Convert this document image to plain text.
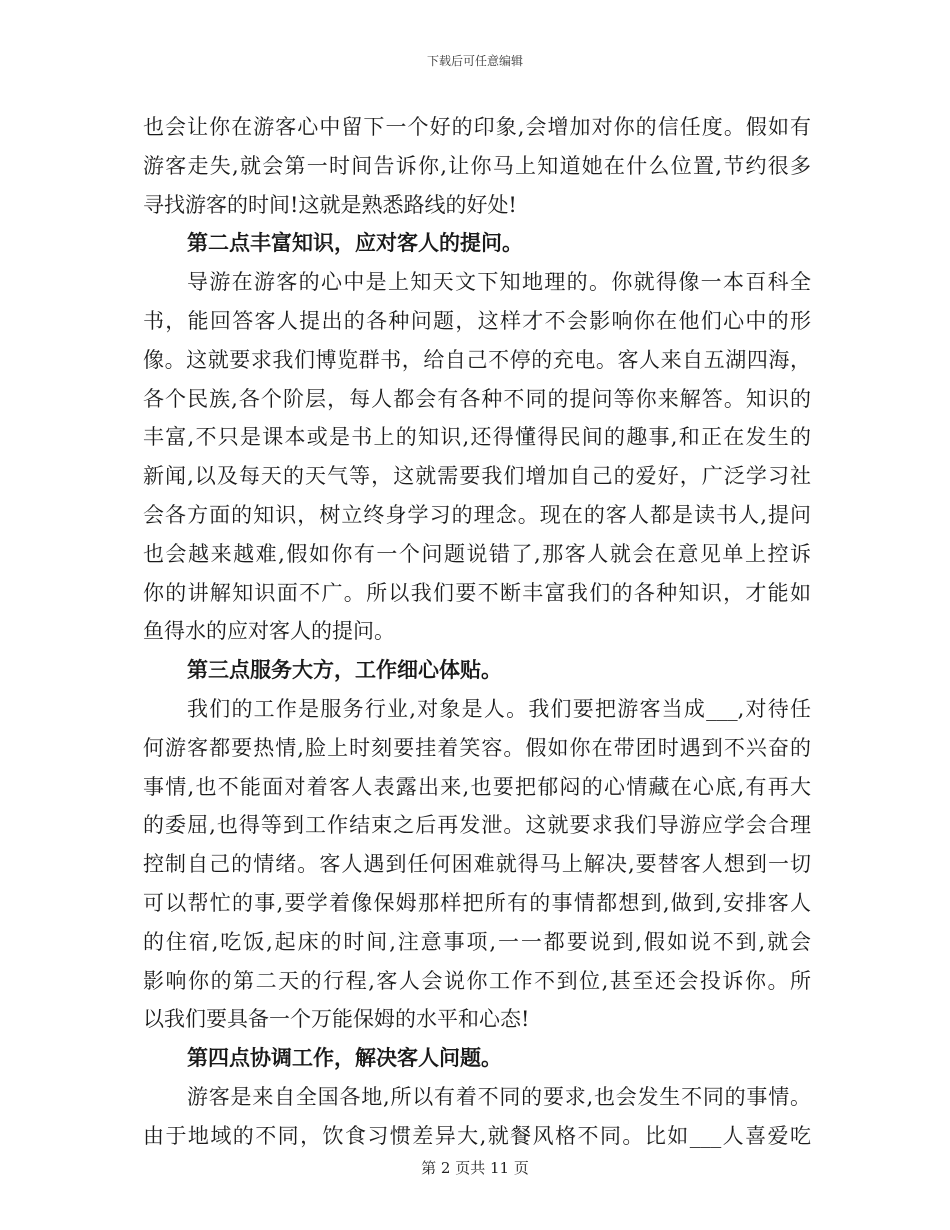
下载后可任意编辑
也会让你在游客心中留下一个好的印象,会增加对你的信任度。假如有
游客走失,就会第一时间告诉你,让你马上知道她在什么位置,节约很多
寻找游客的时间!这就是熟悉路线的好处!
第二点丰富知识，应对客人的提问。
导游在游客的心中是上知天文下知地理的。你就得像一本百科全
书，能回答客人提出的各种问题，这样才不会影响你在他们心中的形
像。这就要求我们博览群书，给自己不停的充电。客人来自五湖四海，
各个民族,各个阶层，每人都会有各种不同的提问等你来解答。知识的
丰富,不只是课本或是书上的知识,还得懂得民间的趣事,和正在发生的
新闻,以及每天的天气等，这就需要我们增加自己的爱好，广泛学习社
会各方面的知识，树立终身学习的理念。现在的客人都是读书人,提问
也会越来越难,假如你有一个问题说错了,那客人就会在意见单上控诉
你的讲解知识面不广。所以我们要不断丰富我们的各种知识，才能如
鱼得水的应对客人的提问。
第三点服务大方，工作细心体贴。
我们的工作是服务行业,对象是人。我们要把游客当成___,对待任
何游客都要热情,脸上时刻要挂着笑容。假如你在带团时遇到不兴奋的
事情,也不能面对着客人表露出来,也要把郁闷的心情藏在心底,有再大
的委屈,也得等到工作结束之后再发泄。这就要求我们导游应学会合理
控制自己的情绪。客人遇到任何困难就得马上解决,要替客人想到一切
可以帮忙的事,要学着像保姆那样把所有的事情都想到,做到,安排客人
的住宿,吃饭,起床的时间,注意事项,一一都要说到,假如说不到,就会
影响你的第二天的行程,客人会说你工作不到位,甚至还会投诉你。所
以我们要具备一个万能保姆的水平和心态!
第四点协调工作，解决客人问题。
游客是来自全国各地,所以有着不同的要求,也会发生不同的事情。
由于地域的不同，饮食习惯差异大,就餐风格不同。比如___人喜爱吃
第 2 页共 11 页
